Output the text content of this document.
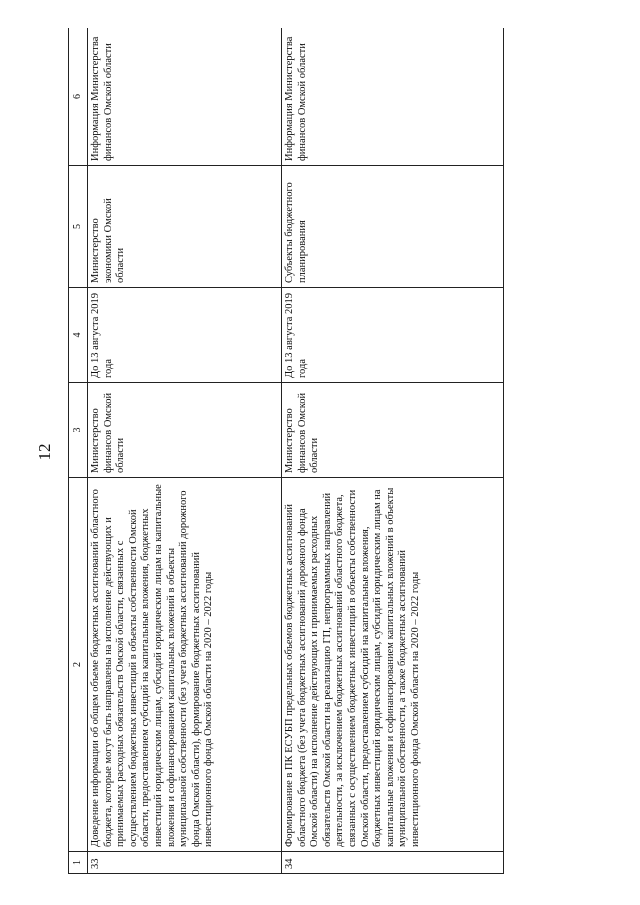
12
1	2	3	4	5	6
33	Доведение информации об общем объеме бюджетных ассигнований областного бюджета, которые могут быть направлены на исполнение действующих и принимаемых расходных обязательств Омской области, связанных с осуществлением бюджетных инвестиций в объекты собственности Омской области, предоставлением субсидий на капитальные вложения, бюджетных инвестиций юридическим лицам, субсидий юридическим лицам на капитальные вложения и софинансированием капитальных вложений в объекты муниципальной собственности (без учета бюджетных ассигнований дорожного фонда Омской области), формирование бюджетных ассигнований инвестиционного фонда Омской области на 2020 – 2022 годы	Министерство финансов Омской области	До 13 августа 2019 года	Министерство экономики Омской области	Информация Министерства финансов Омской области
34	Формирование в ПК ЕСУБП предельных объемов бюджетных ассигнований областного бюджета (без учета бюджетных ассигнований дорожного фонда Омской области) на исполнение действующих и принимаемых расходных обязательств Омской области на реализацию ГП, непрограммных направлений деятельности, за исключением бюджетных ассигнований областного бюджета, связанных с осуществлением бюджетных инвестиций в объекты собственности Омской области, предоставлением субсидий на капитальные вложения, бюджетных инвестиций юридическим лицам, субсидий юридическим лицам на капитальные вложения и софинансированием капитальных вложений в объекты муниципальной собственности, а также бюджетных ассигнований инвестиционного фонда Омской области на 2020 – 2022 годы	Министерство финансов Омской области	До 13 августа 2019 года	Субъекты бюджетного планирования	Информация Министерства финансов Омской области
